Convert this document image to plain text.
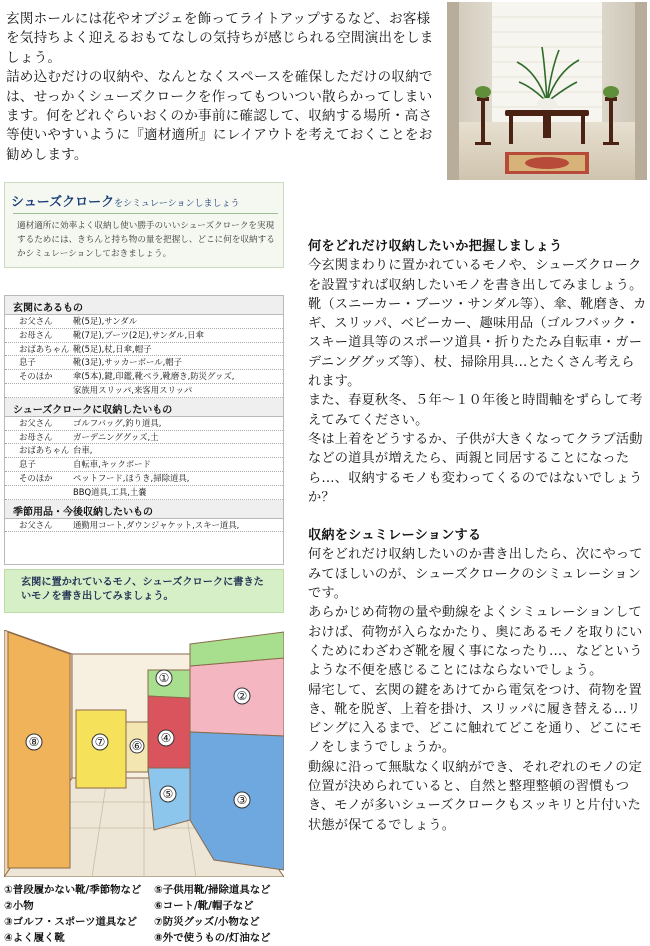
玄関ホールには花やオブジェを飾ってライトアップするなど、お客様を気持ちよく迎えるおもてなしの気持ちが感じられる空間演出をしましょう。

詰め込むだけの収納や、なんとなくスペースを確保しただけの収納では、せっかくシューズクロークを作ってもついつい散らかってしまいます。何をどれぐらいおくのか事前に確認して、収納する場所・高さ等使いやすいように『適材適所』にレイアウトを考えておくことをお勧めします。

シューズクロークをシミュレーションしましょう
適材適所に効率よく収納し使い勝手のいいシューズクロークを実現するためには、きちんと持ち物の量を把握し、どこに何を収納するかシミュレーションしておきましょう。
玄関にあるもの
お父さん	靴(5足),サンダル
お母さん	靴(7足),ブーツ(2足),サンダル,日傘
おばあちゃん 靴(5足),杖,日傘,帽子
息子	靴(3足),サッカーボール,帽子
そのほか	傘(5本),鍵,印鑑,靴ベラ,靴磨き,防災グッズ,
家族用スリッパ,来客用スリッパ
シューズクロークに収納したいもの
お父さん	ゴルフバッグ,釣り道具,
お母さん	ガーデニンググッズ,土
おばあちゃん 台車,
息子	自転車,キックボード
そのほか	ペットフード,ほうき,掃除道具,
BBQ道具,工具,土嚢
季節用品・今後収納したいもの
お父さん	通勤用コート,ダウンジャケット,スキー道具,
玄関に置かれているモノ、シューズクロークに書きたいモノを書き出してみましょう。
①
②
③
④
⑤
⑥
⑦
⑧
①普段履かない靴/季節物など	⑤子供用靴/掃除道具など
②小物	⑥コート/靴/帽子など
③ゴルフ・スポーツ道具など	⑦防災グッズ/小物など
④よく履く靴	⑧外で使うもの/灯油など
何をどれだけ収納したいか把握しましょう

今玄関まわりに置かれているモノや、シューズクロークを設置すれば収納したいモノを書き出してみましょう。

靴（スニーカー・ブーツ・サンダル等）、傘、靴磨き、カギ、スリッパ、ベビーカー、趣味用品（ゴルフバック・スキー道具等のスポーツ道具・折りたたみ自転車・ガーデニンググッズ等）、杖、掃除用具…とたくさん考えられます。

また、春夏秋冬、５年～１０年後と時間軸をずらして考えてみてください。

冬は上着をどうするか、子供が大きくなってクラブ活動などの道具が増えたら、両親と同居することになったら…、収納するモノも変わってくるのではないでしょうか？

収納をシュミレーションする

何をどれだけ収納したいのか書き出したら、次にやってみてほしいのが、シューズクロークのシミュレーションです。

あらかじめ荷物の量や動線をよくシミュレーションしておけば、荷物が入らなかたり、奥にあるモノを取りにいくためにわざわざ靴を履く事になったり…、などというような不便を感じることにはならないでしょう。

帰宅して、玄関の鍵をあけてから電気をつけ、荷物を置き、靴を脱ぎ、上着を掛け、スリッパに履き替える…リビングに入るまで、どこに触れてどこを通り、どこにモノをしまうでしょうか。

動線に沿って無駄なく収納ができ、それぞれのモノの定位置が決められていると、自然と整理整頓の習慣もつき、モノが多いシューズクロークもスッキリと片付いた状態が保てるでしょう。
